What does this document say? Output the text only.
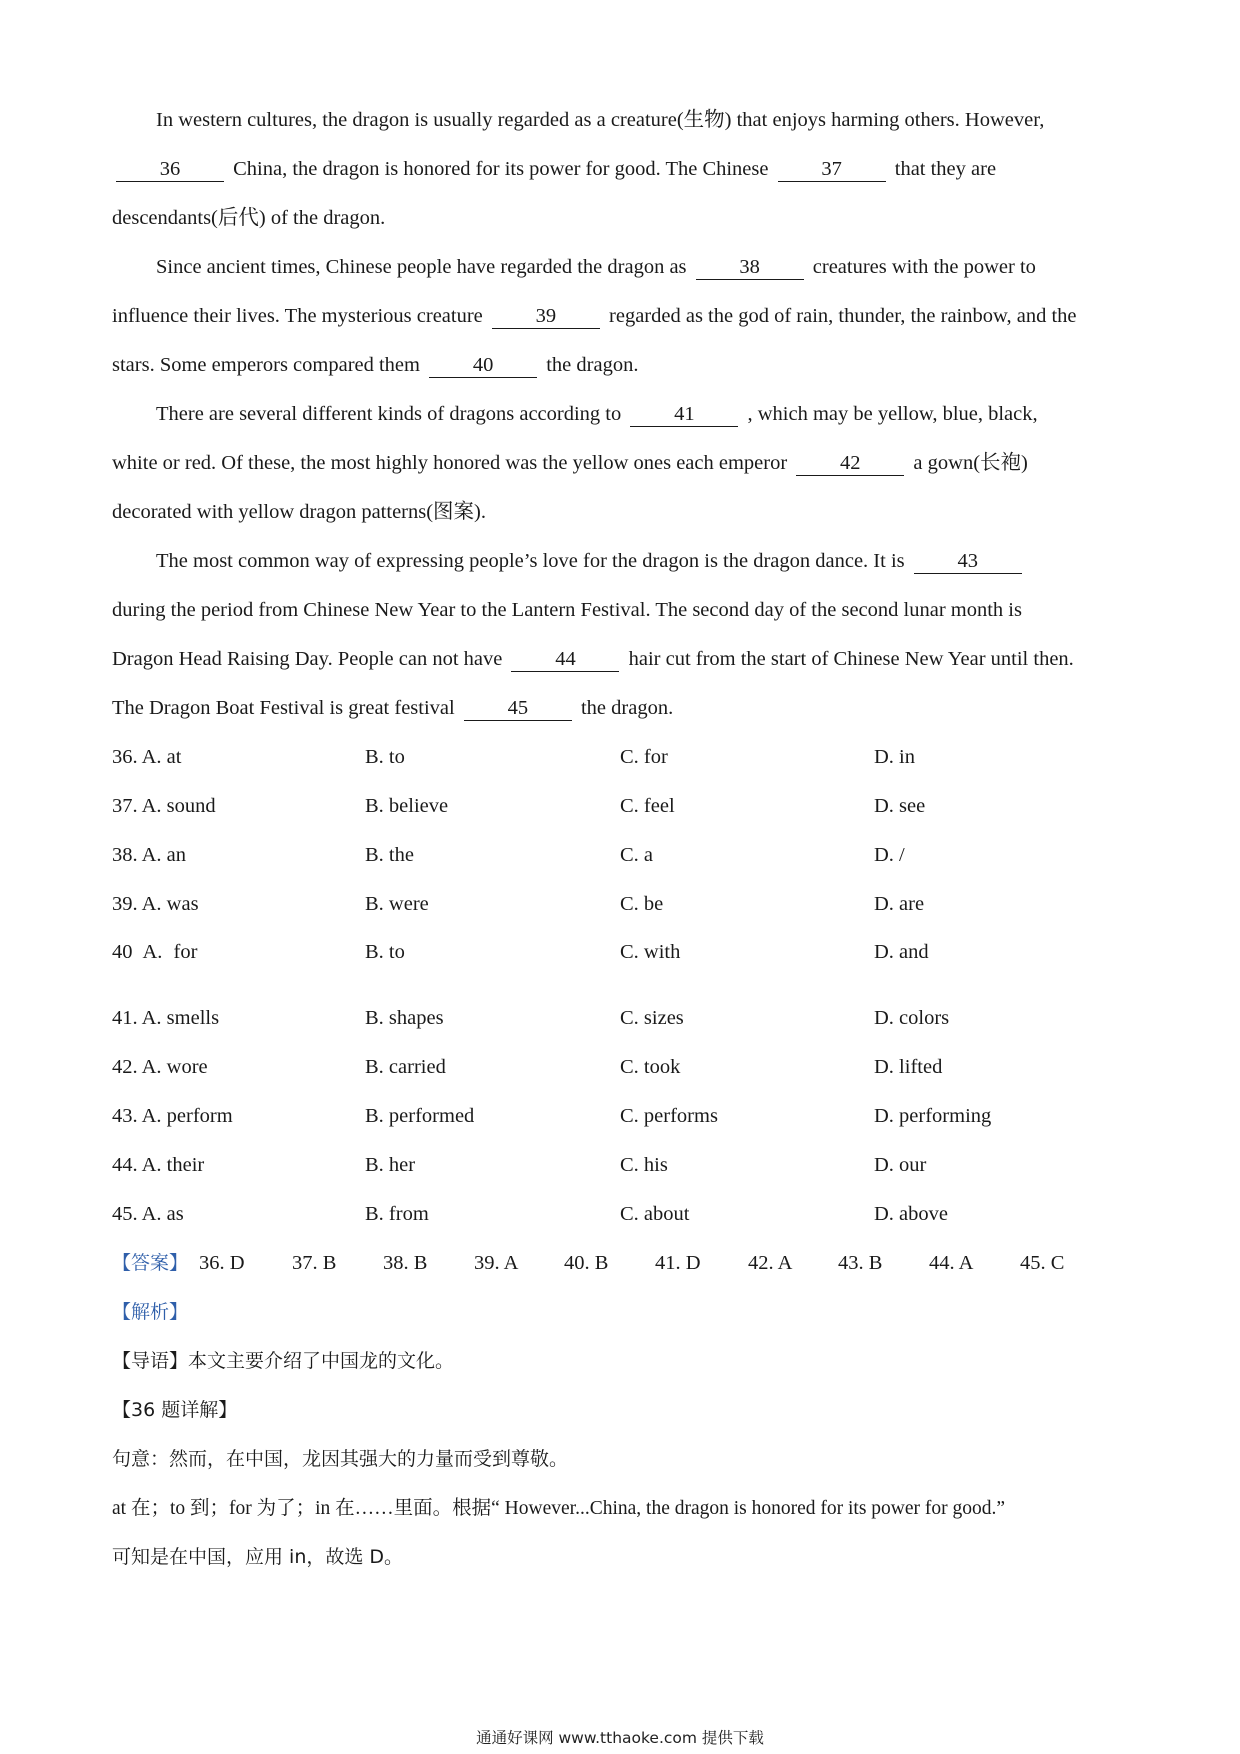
In western cultures, the dragon is usually regarded as a creature(生物) that enjoys harming others. However,
36	China, the dragon is honored for its power for good. The Chinese	37	that they are
descendants(后代) of the dragon.
Since ancient times, Chinese people have regarded the dragon as	38	creatures with the power to
influence their lives. The mysterious creature	39	regarded as the god of rain, thunder, the rainbow, and the
stars. Some emperors compared them	40	the dragon.
There are several different kinds of dragons according to	41	, which may be yellow, blue, black,
white or red. Of these, the most highly honored was the yellow ones each emperor	42	a gown(长袍)
decorated with yellow dragon patterns(图案).
The most common way of expressing people’s love for the dragon is the dragon dance. It is	43
during the period from Chinese New Year to the Lantern Festival. The second day of the second lunar month is
Dragon Head Raising Day. People can not have	44	hair cut from the start of Chinese New Year until then.
The Dragon Boat Festival is great festival	45	the dragon.
36. A. at	B. to	C. for	D. in
37. A. sound	B. believe	C. feel	D. see
38. A. an	B. the	C. a	D. /
39. A. was	B. were	C. be	D. are
40 A. for	B. to	C. with	D. and
41. A. smells	B. shapes	C. sizes	D. colors
42. A. wore	B. carried	C. took	D. lifted
43. A. perform	B. performed	C. performs	D. performing
44. A. their	B. her	C. his	D. our
45. A. as	B. from	C. about	D. above
【答案】 36. D 37. B 38. B 39. A 40. B 41. D 42. A 43. B 44. A 45. C
【解析】
【导语】本文主要介绍了中国龙的文化。
【36 题详解】
句意：然而，在中国，龙因其强大的力量而受到尊敬。
at 在；to 到；for 为了；in 在……里面。根据“ However...China, the dragon is honored for its power for good.”
可知是在中国，应用 in，故选 D。
通通好课网 www.tthaoke.com 提供下载
